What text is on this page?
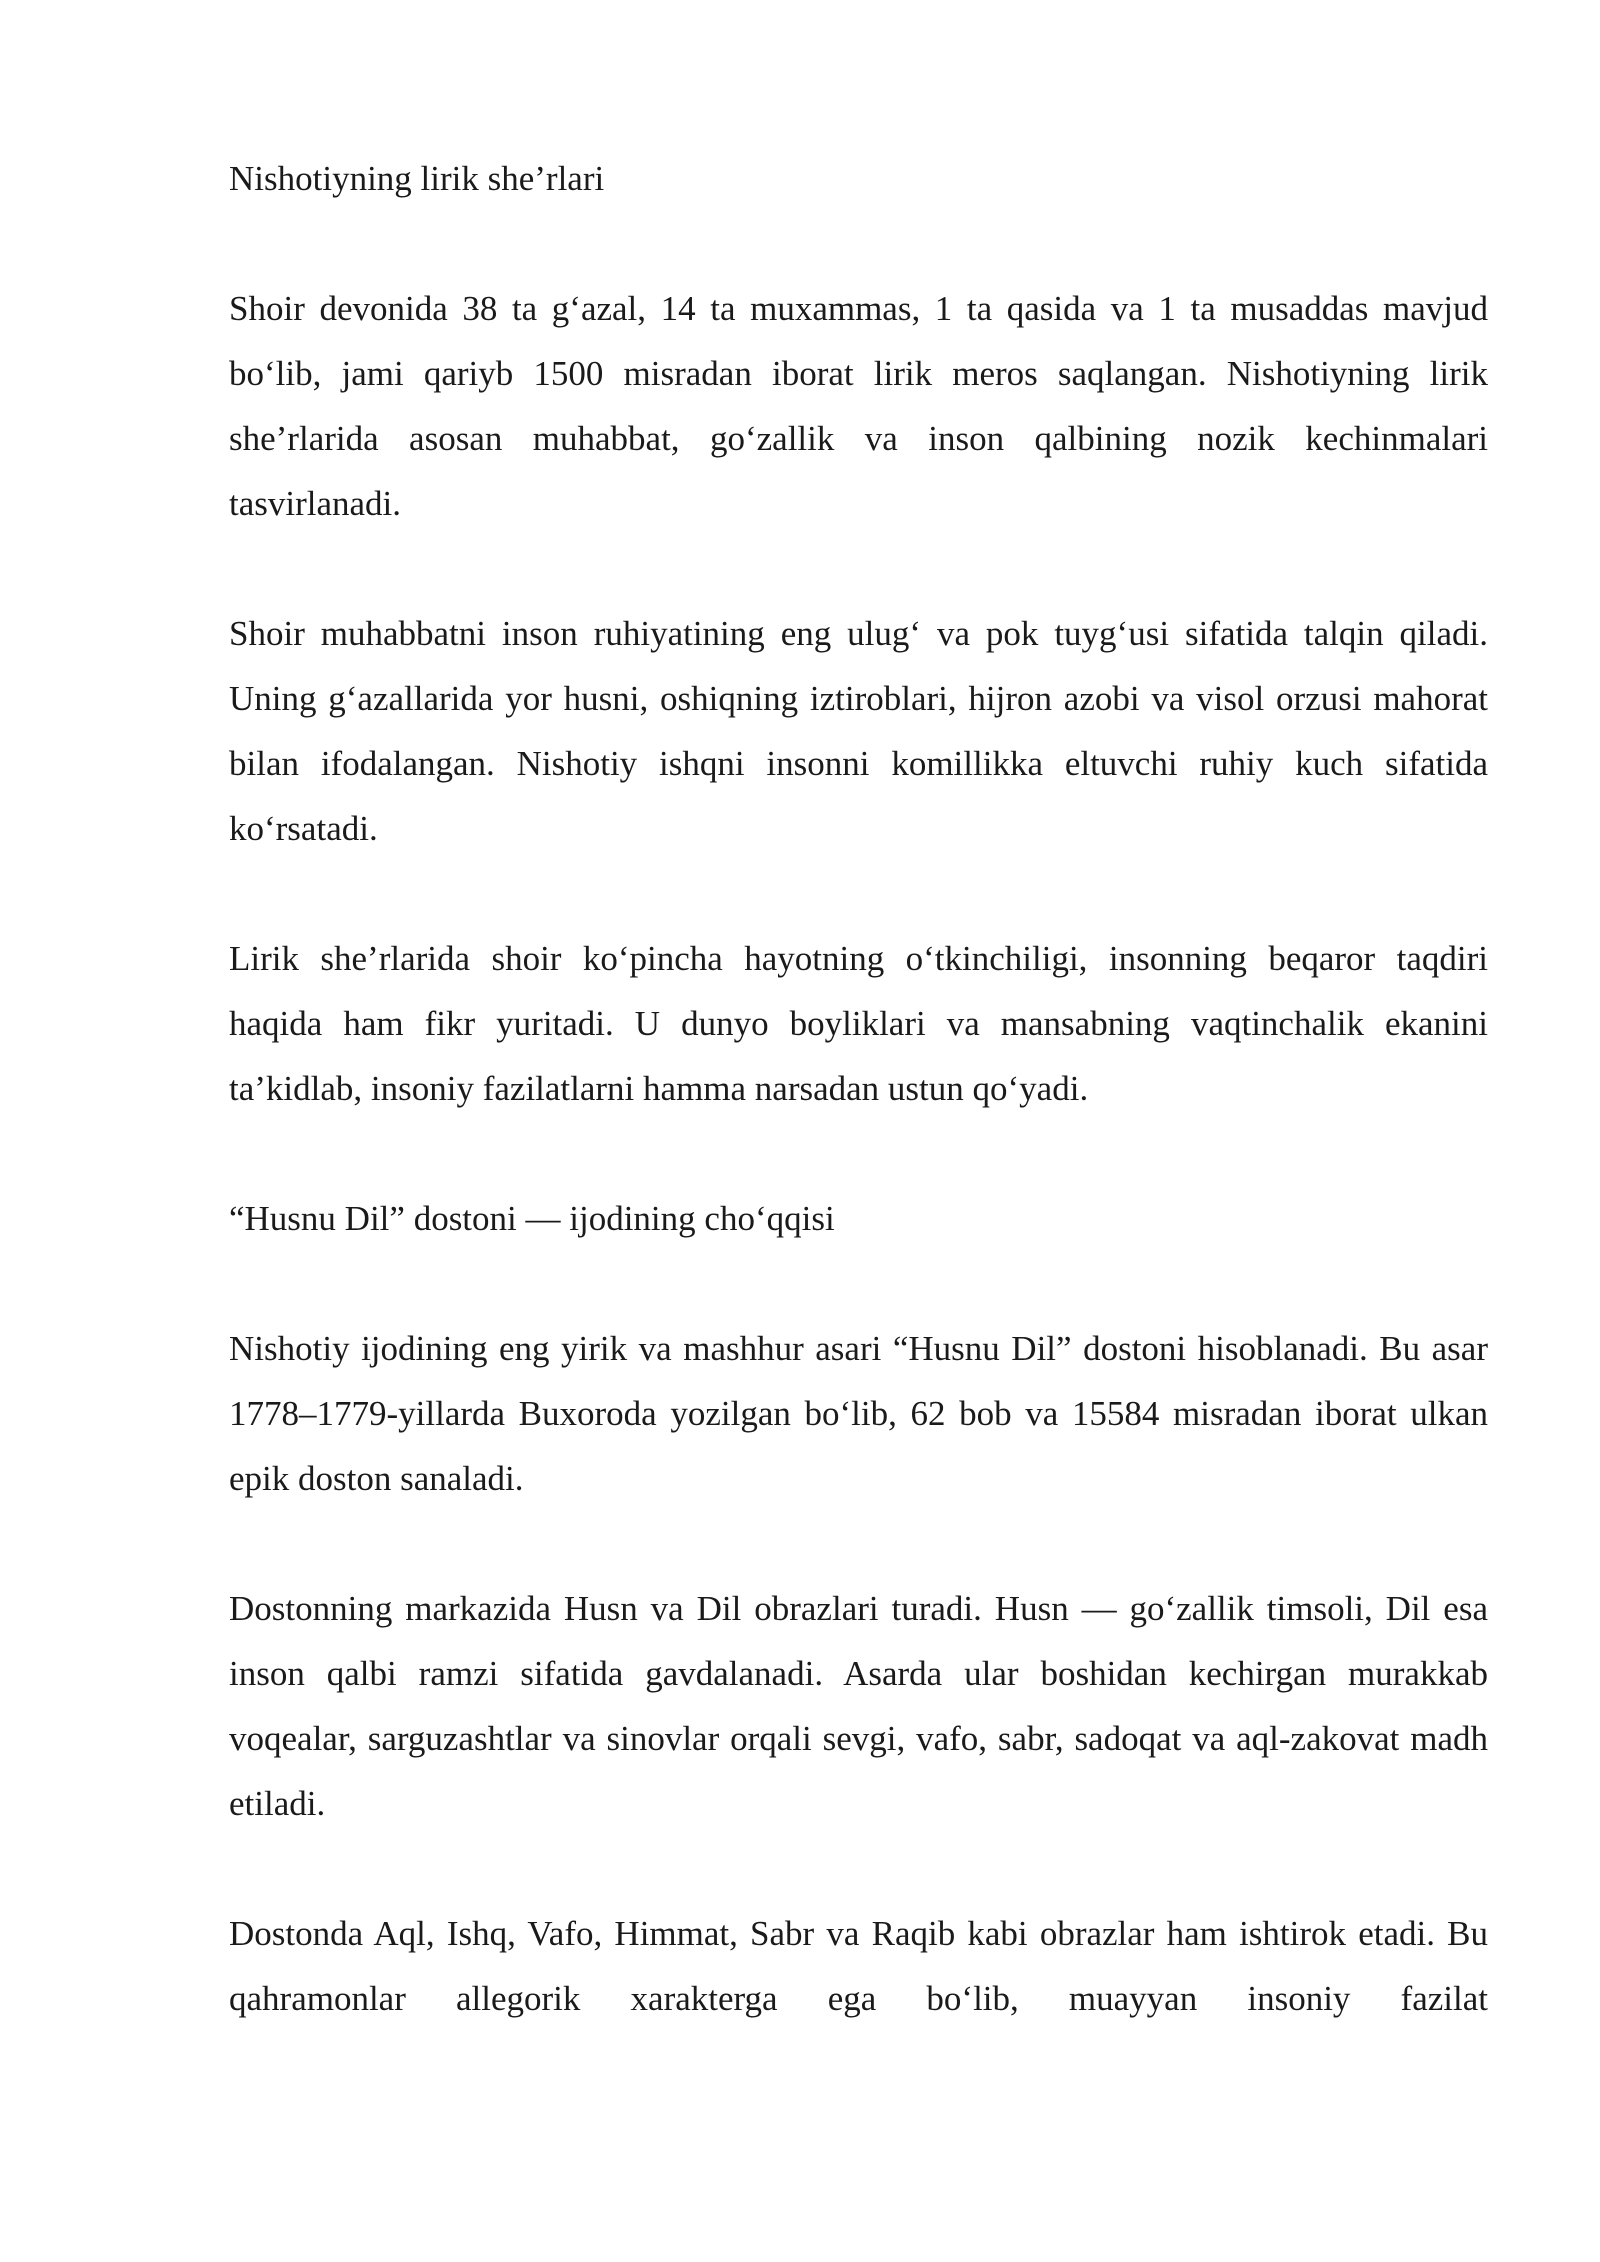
Nishotiyning lirik she’rlari
Shoir devonida 38 ta g‘azal, 14 ta muxammas, 1 ta qasida va 1 ta musaddas mavjud bo‘lib, jami qariyb 1500 misradan iborat lirik meros saqlangan. Nishotiyning lirik she’rlarida asosan muhabbat, go‘zallik va inson qalbining nozik kechinmalari tasvirlanadi.
Shoir muhabbatni inson ruhiyatining eng ulug‘ va pok tuyg‘usi sifatida talqin qiladi. Uning g‘azallarida yor husni, oshiqning iztiroblari, hijron azobi va visol orzusi mahorat bilan ifodalangan. Nishotiy ishqni insonni komillikka eltuvchi ruhiy kuch sifatida ko‘rsatadi.
Lirik she’rlarida shoir ko‘pincha hayotning o‘tkinchiligi, insonning beqaror taqdiri haqida ham fikr yuritadi. U dunyo boyliklari va mansabning vaqtinchalik ekanini ta’kidlab, insoniy fazilatlarni hamma narsadan ustun qo‘yadi.
“Husnu Dil” dostoni — ijodining cho‘qqisi
Nishotiy ijodining eng yirik va mashhur asari “Husnu Dil” dostoni hisoblanadi. Bu asar 1778–1779-yillarda Buxoroda yozilgan bo‘lib, 62 bob va 15584 misradan iborat ulkan epik doston sanaladi.
Dostonning markazida Husn va Dil obrazlari turadi. Husn — go‘zallik timsoli, Dil esa inson qalbi ramzi sifatida gavdalanadi. Asarda ular boshidan kechirgan murakkab voqealar, sarguzashtlar va sinovlar orqali sevgi, vafo, sabr, sadoqat va aql-zakovat madh etiladi.
Dostonda Aql, Ishq, Vafo, Himmat, Sabr va Raqib kabi obrazlar ham ishtirok etadi. Bu qahramonlar allegorik xarakterga ega bo‘lib, muayyan insoniy fazilat
